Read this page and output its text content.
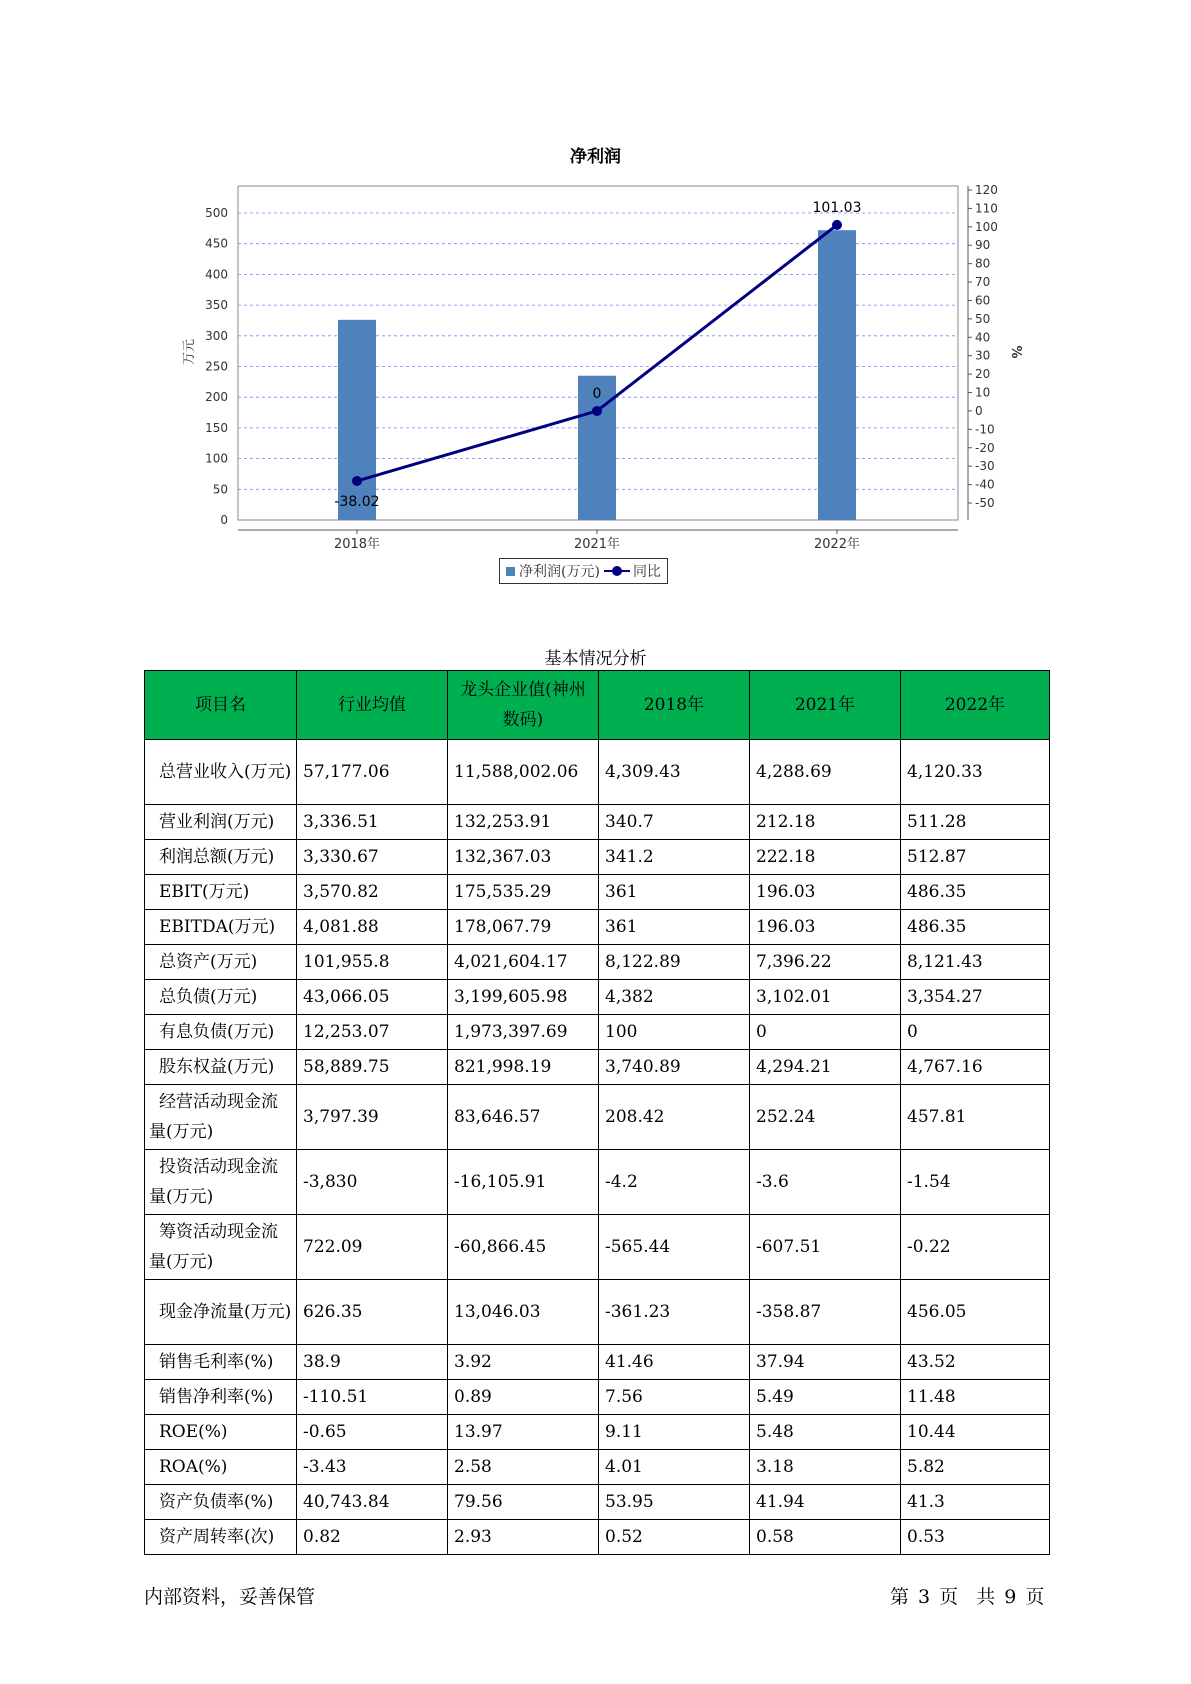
净利润
0
50
100
150
200
250
300
350
400
450
500
2018年	2021年	2022年
-50
-40
-30
-20
-10
0
10
20
30
40
50
60
70
80
90
100
110
120
万元	%
-38.02
0
101.03
净利润(万元) 同比
基本情况分析
项目名	行业均值	龙头企业值(神州数码)	2018年	2021年	2022年
总营业收入(万元)	57,177.06	11,588,002.06	4,309.43	4,288.69	4,120.33
营业利润(万元)	3,336.51	132,253.91	340.7	212.18	511.28
利润总额(万元)	3,330.67	132,367.03	341.2	222.18	512.87
EBIT(万元)	3,570.82	175,535.29	361	196.03	486.35
EBITDA(万元)	4,081.88	178,067.79	361	196.03	486.35
总资产(万元)	101,955.8	4,021,604.17	8,122.89	7,396.22	8,121.43
总负债(万元)	43,066.05	3,199,605.98	4,382	3,102.01	3,354.27
有息负债(万元)	12,253.07	1,973,397.69	100	0	0
股东权益(万元)	58,889.75	821,998.19	3,740.89	4,294.21	4,767.16
经营活动现金流量(万元)	3,797.39	83,646.57	208.42	252.24	457.81
投资活动现金流量(万元)	-3,830	-16,105.91	-4.2	-3.6	-1.54
筹资活动现金流量(万元)	722.09	-60,866.45	-565.44	-607.51	-0.22
现金净流量(万元)	626.35	13,046.03	-361.23	-358.87	456.05
销售毛利率(%)	38.9	3.92	41.46	37.94	43.52
销售净利率(%)	-110.51	0.89	7.56	5.49	11.48
ROE(%)	-0.65	13.97	9.11	5.48	10.44
ROA(%)	-3.43	2.58	4.01	3.18	5.82
资产负债率(%)	40,743.84	79.56	53.95	41.94	41.3
资产周转率(次)	0.82	2.93	0.52	0.58	0.53
内部资料，妥善保管	第 3 页  共 9 页
